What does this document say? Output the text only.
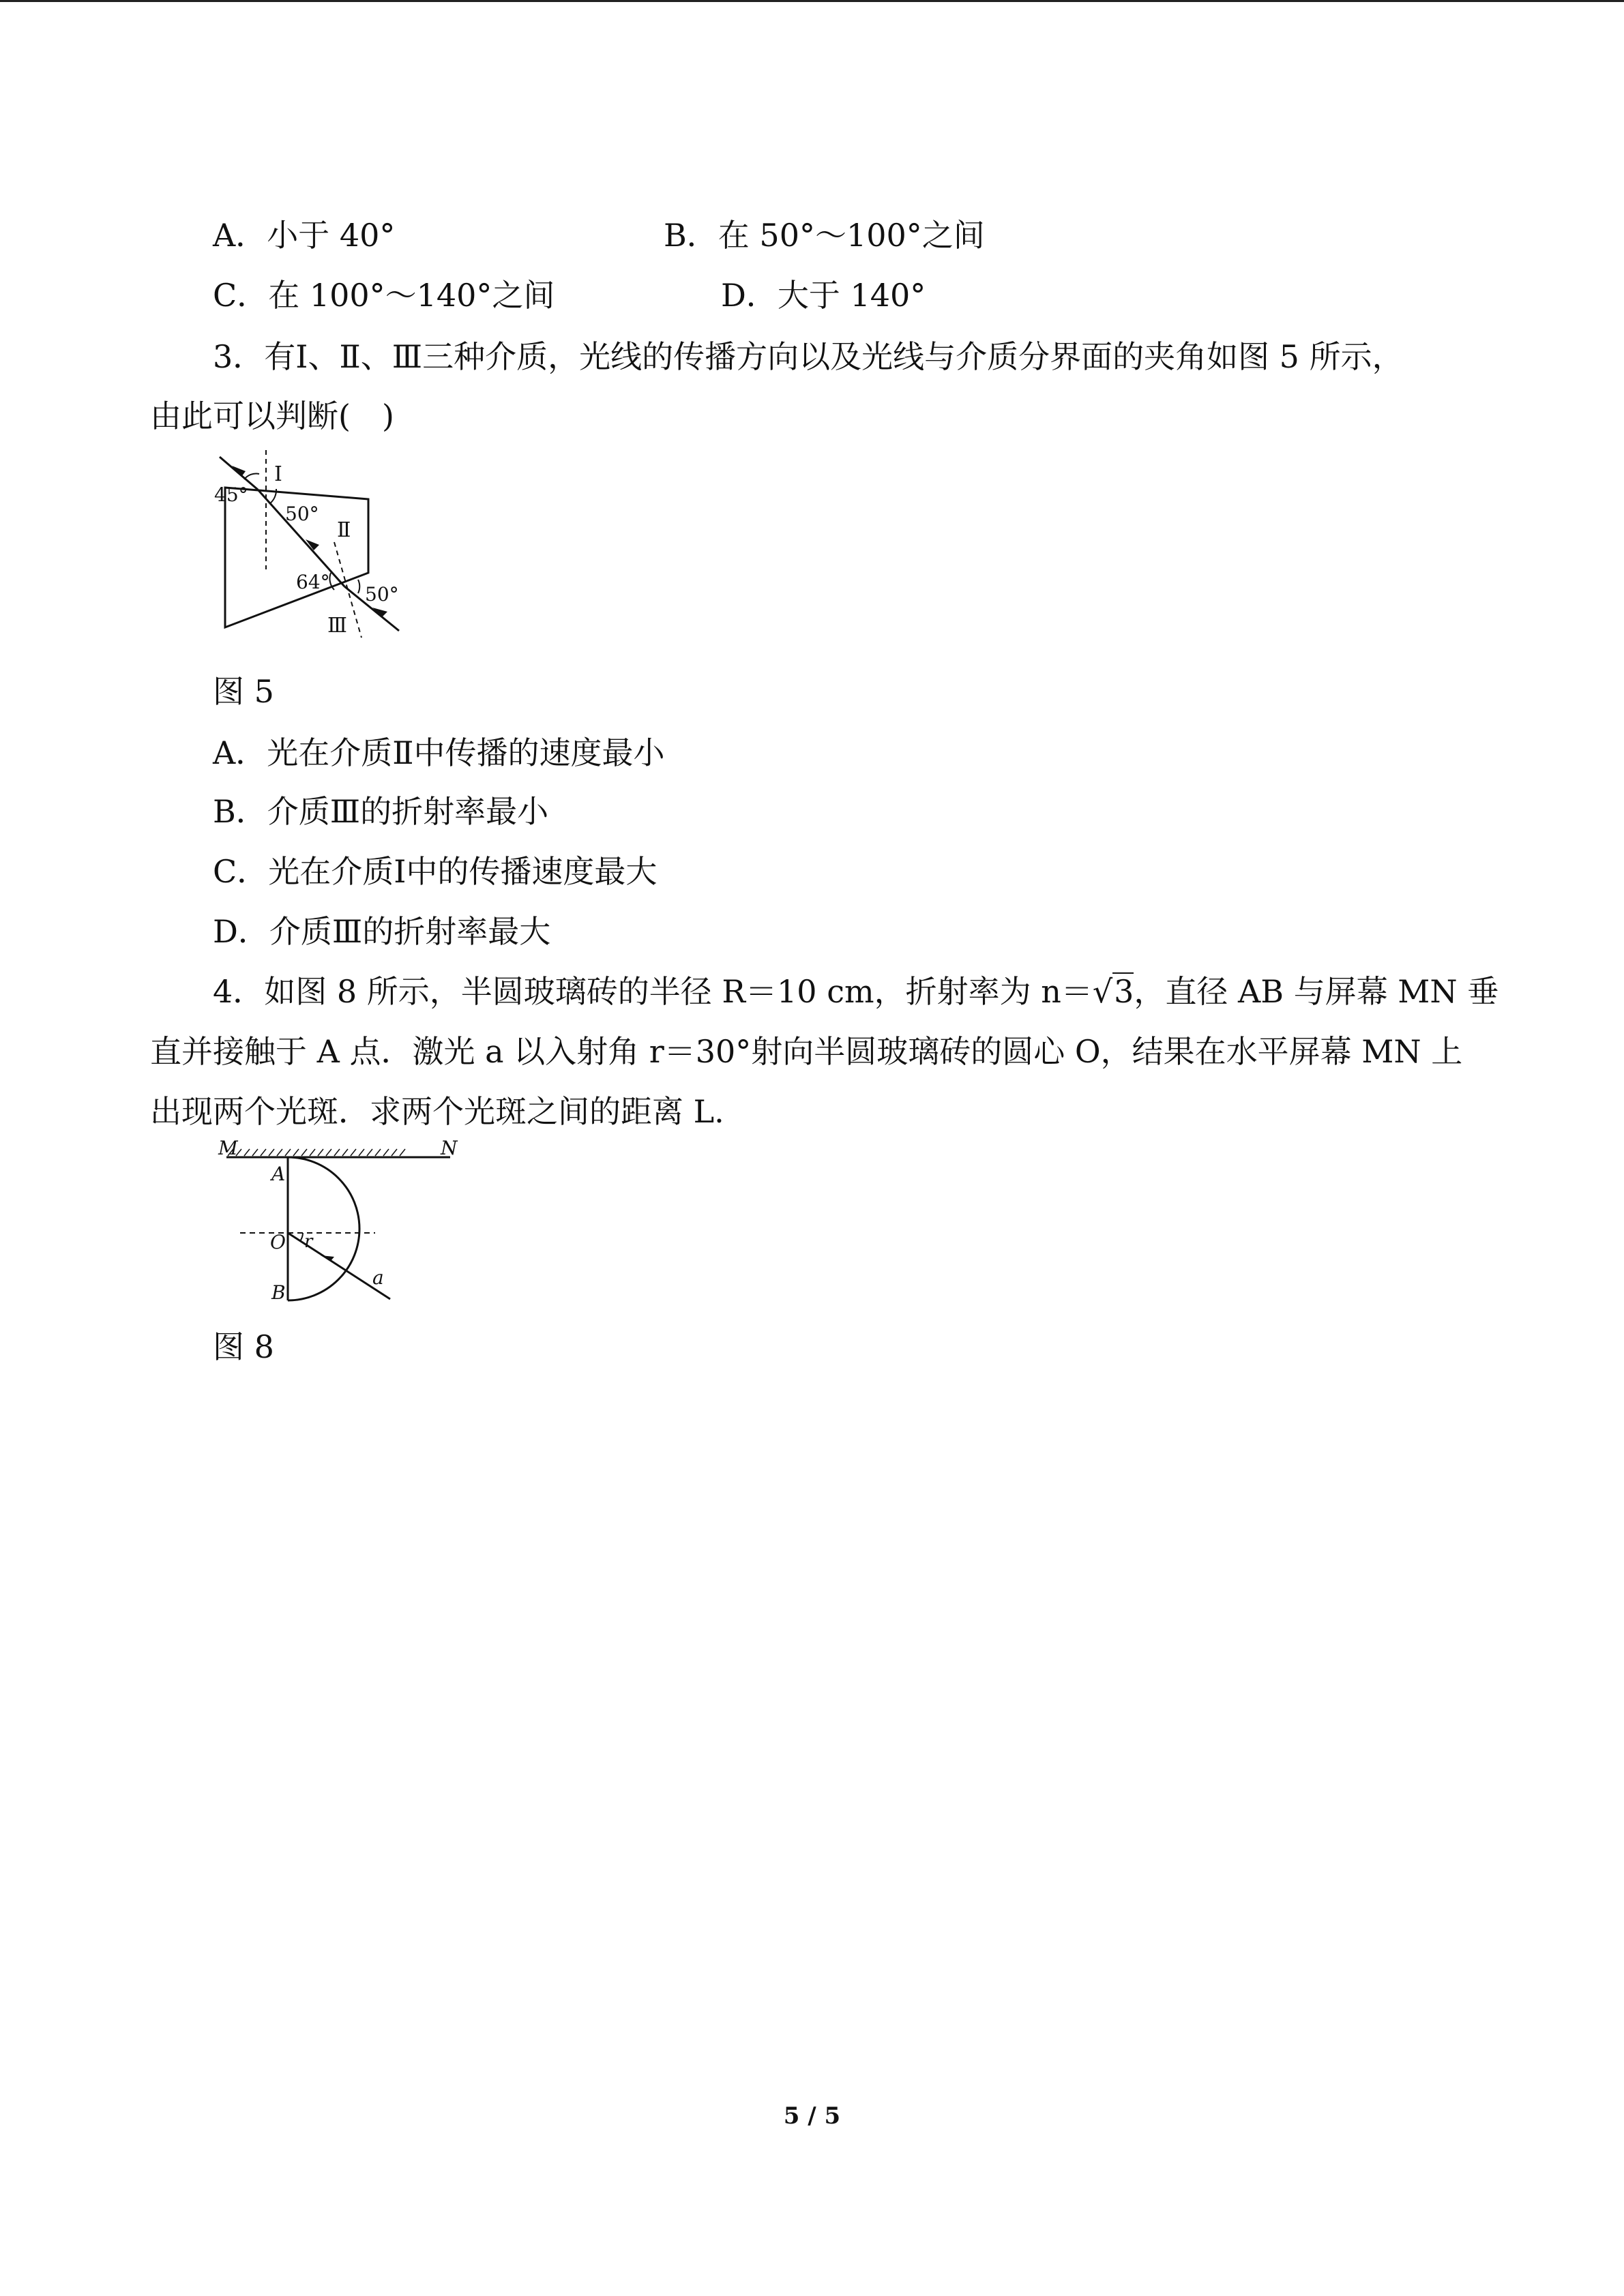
A．小于 40°	B．在 50°～100°之间
C．在 100°～140°之间	D．大于 140°
3．有Ⅰ、Ⅱ、Ⅲ三种介质，光线的传播方向以及光线与介质分界面的夹角如图 5 所示，
由此可以判断(　)
45°
Ⅰ
50°
Ⅱ
64°
50°
Ⅲ
图 5
A．光在介质Ⅱ中传播的速度最小
B．介质Ⅲ的折射率最小
C．光在介质Ⅰ中的传播速度最大
D．介质Ⅲ的折射率最大
4．如图 8 所示，半圆玻璃砖的半径 R＝10 cm，折射率为 n＝√3，直径 AB 与屏幕 MN 垂
直并接触于 A 点．激光 a 以入射角 r＝30°射向半圆玻璃砖的圆心 O，结果在水平屏幕 MN 上
出现两个光斑．求两个光斑之间的距离 L.
M	N
A
O r
B
a
图 8
5 / 5
